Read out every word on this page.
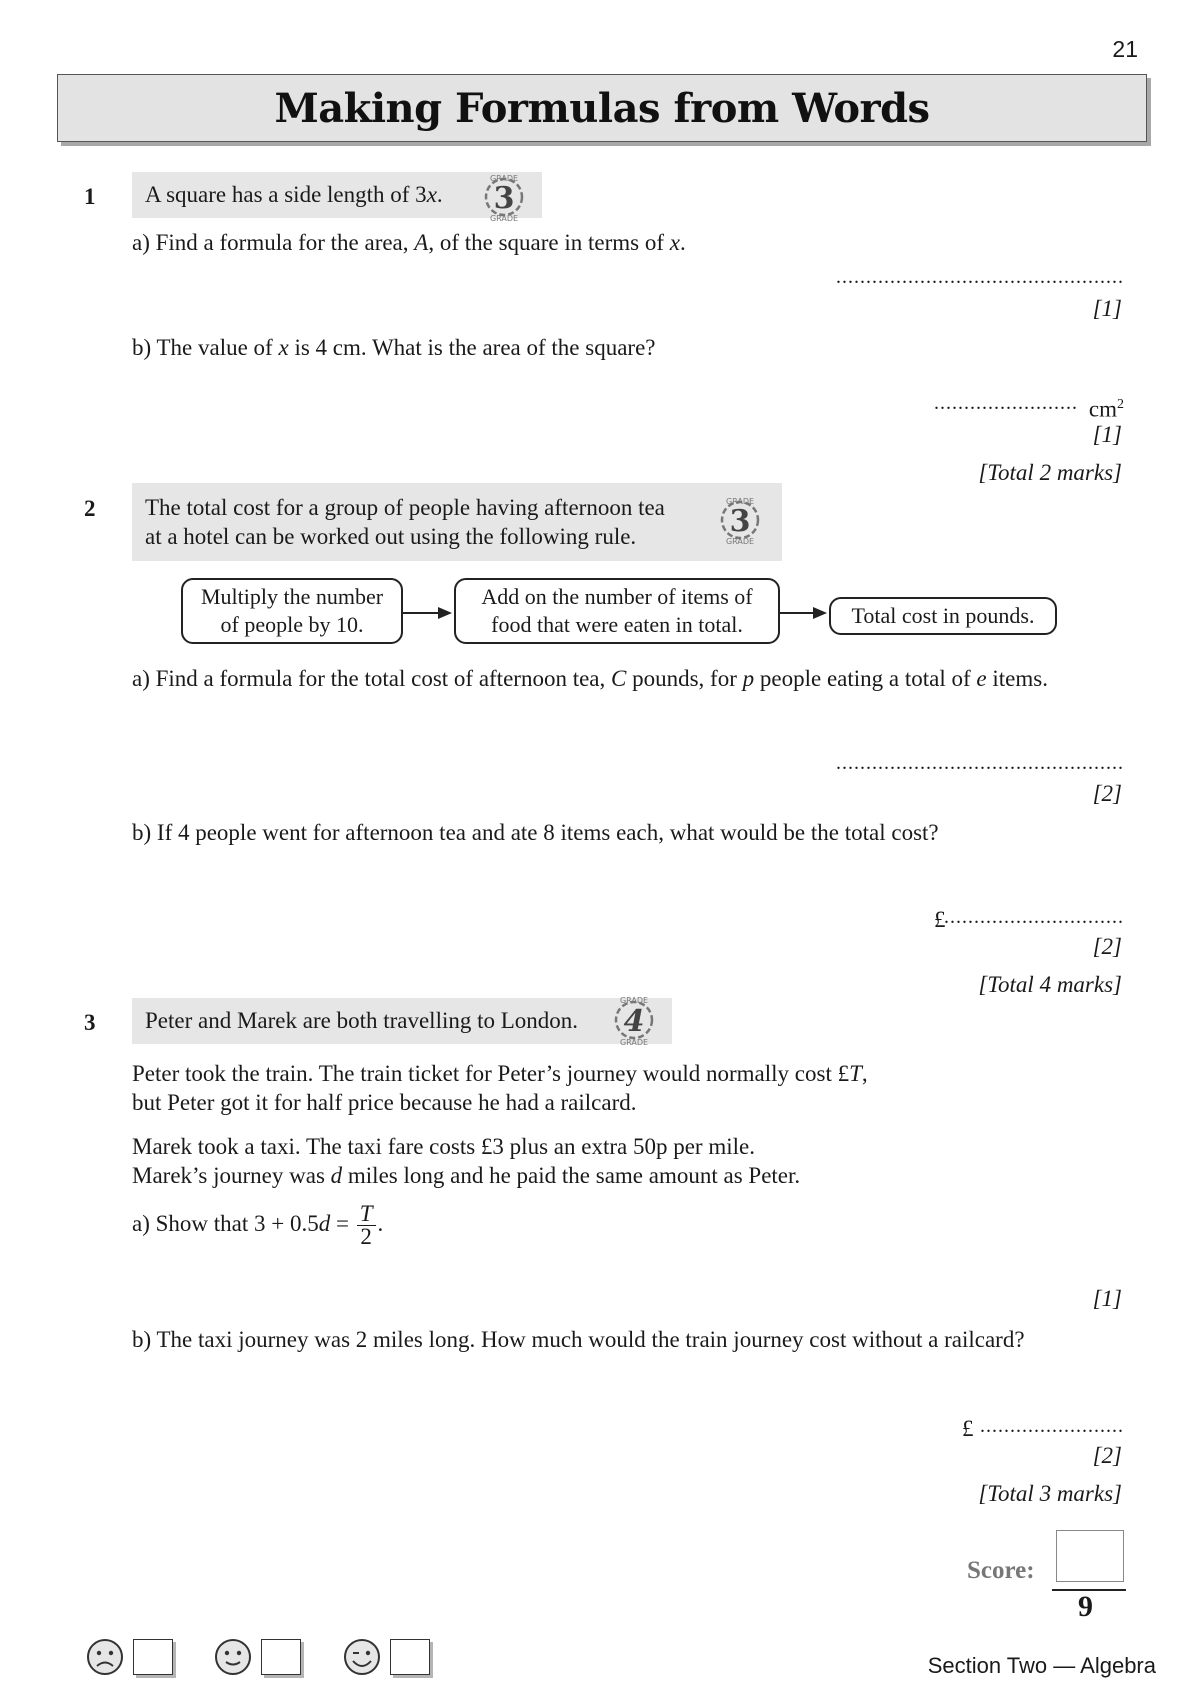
21
Making Formulas from Words
1 A square has a side length of 3x. 3
GRADE
GRADE
a) Find a formula for the area, A, of the square in terms of x.
................................................
[1]
b) The value of x is 4 cm. What is the area of the square?
........................ $cm^2$
[1]
[Total 2 marks]
2 The total cost for a group of people having afternoon tea
at a hotel can be worked out using the following rule.	3
GRADE
GRADE
Multiply the number
of people by 10.
Add on the number of items of
food that were eaten in total.	Total cost in pounds.
a) Find a formula for the total cost of afternoon tea, C pounds, for p people eating a total of e items.
................................................
[2]
b) If 4 people went for afternoon tea and ate 8 items each, what would be the total cost?
£
..............................
[2]
[Total 4 marks]
3 Peter and Marek are both travelling to London. 4
GRADE
GRADE
Peter took the train. The train ticket for Peter’s journey would normally cost £T,
but Peter got it for half price because he had a railcard.
Marek took a taxi. The taxi fare costs £3 plus an extra 50p per mile.
Marek’s journey was d miles long and he paid the same amount as Peter.
a) Show that $3 + 0.5d = \frac{T}{2}$ .
[1]
b) The taxi journey was 2 miles long. How much would the train journey cost without a railcard?
£ ........................
[2]
[Total 3 marks]
Score:
9
Section Two — Algebra
